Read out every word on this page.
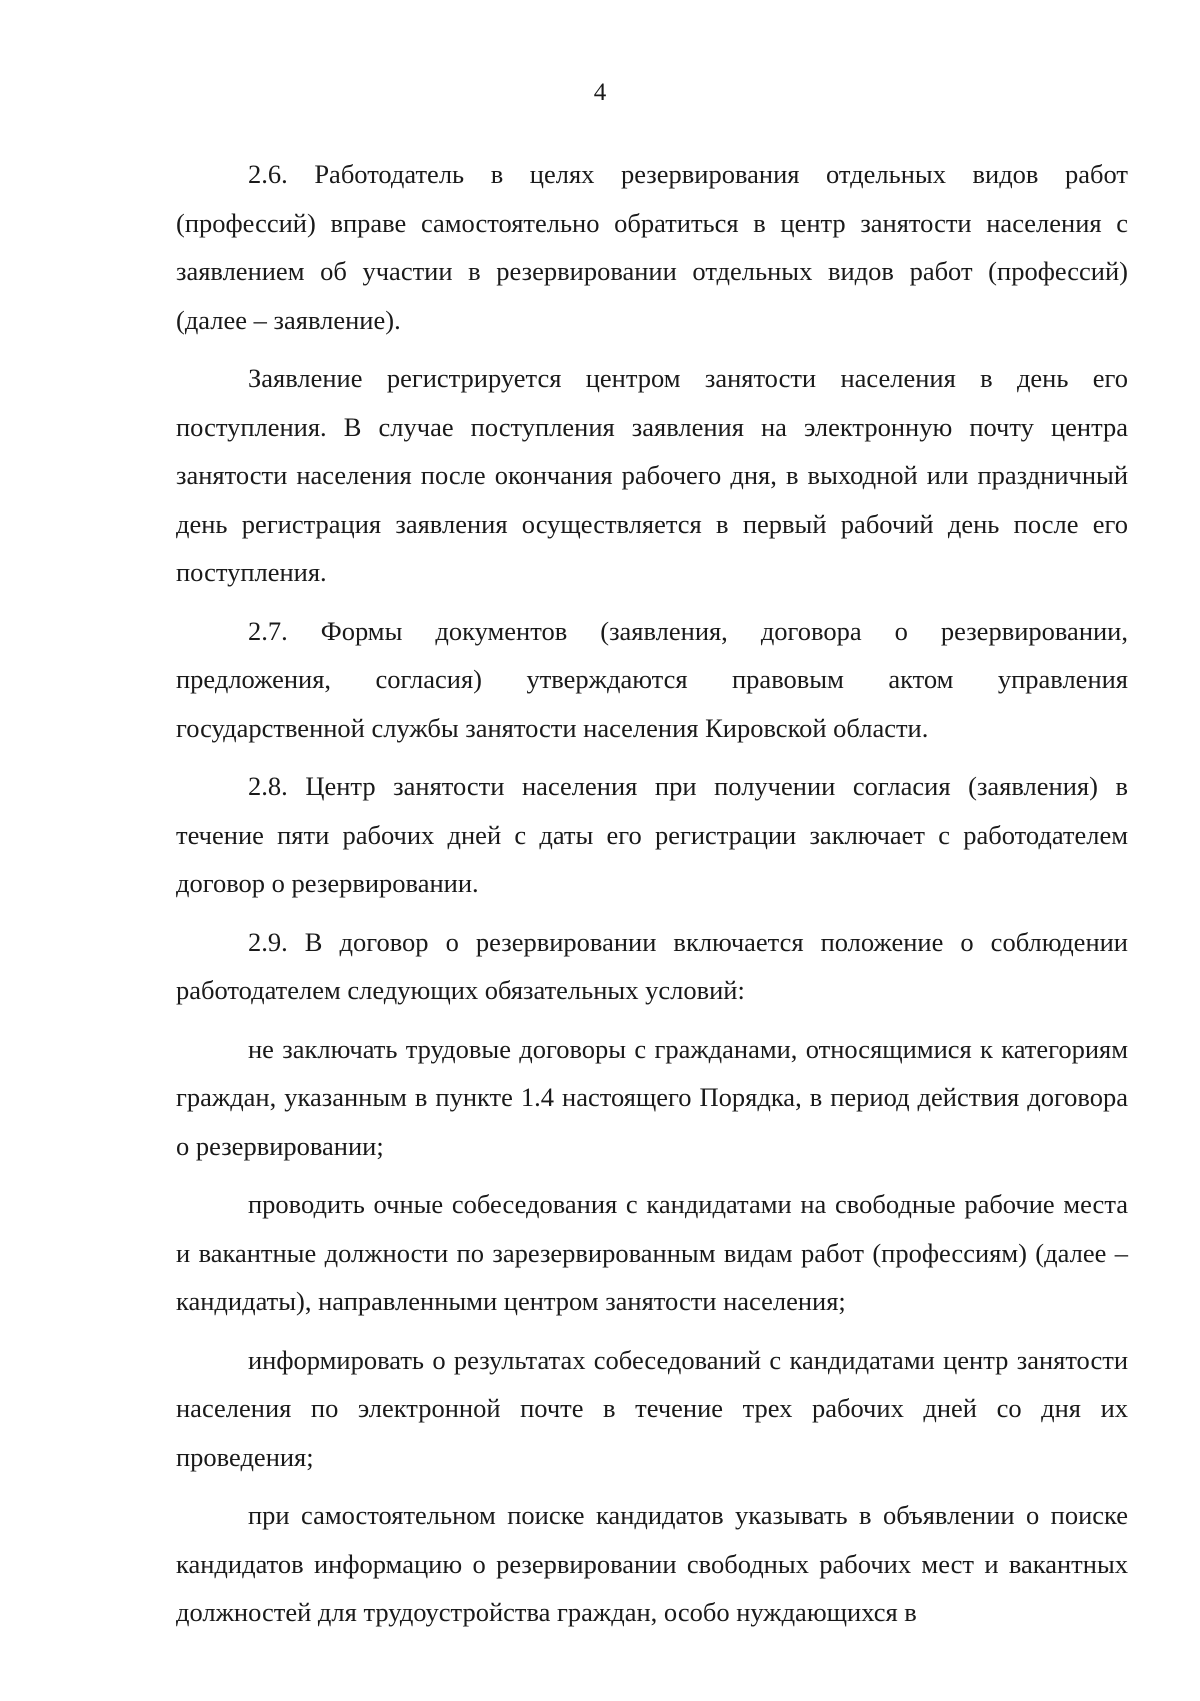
4

2.6. Работодатель в целях резервирования отдельных видов работ (профессий) вправе самостоятельно обратиться в центр занятости населения с заявлением об участии в резервировании отдельных видов работ (профессий) (далее – заявление).

Заявление регистрируется центром занятости населения в день его поступления. В случае поступления заявления на электронную почту центра занятости населения после окончания рабочего дня, в выходной или праздничный день регистрация заявления осуществляется в первый рабочий день после его поступления.

2.7. Формы документов (заявления, договора о резервировании, предложения, согласия) утверждаются правовым актом управления государственной службы занятости населения Кировской области.

2.8. Центр занятости населения при получении согласия (заявления) в течение пяти рабочих дней с даты его регистрации заключает с работодателем договор о резервировании.

2.9. В договор о резервировании включается положение о соблюдении работодателем следующих обязательных условий:

не заключать трудовые договоры с гражданами, относящимися к категориям граждан, указанным в пункте 1.4 настоящего Порядка, в период действия договора о резервировании;

проводить очные собеседования с кандидатами на свободные рабочие места и вакантные должности по зарезервированным видам работ (профессиям) (далее – кандидаты), направленными центром занятости населения;

информировать о результатах собеседований с кандидатами центр занятости населения по электронной почте в течение трех рабочих дней со дня их проведения;

при самостоятельном поиске кандидатов указывать в объявлении о поиске кандидатов информацию о резервировании свободных рабочих мест и вакантных должностей для трудоустройства граждан, особо нуждающихся в
